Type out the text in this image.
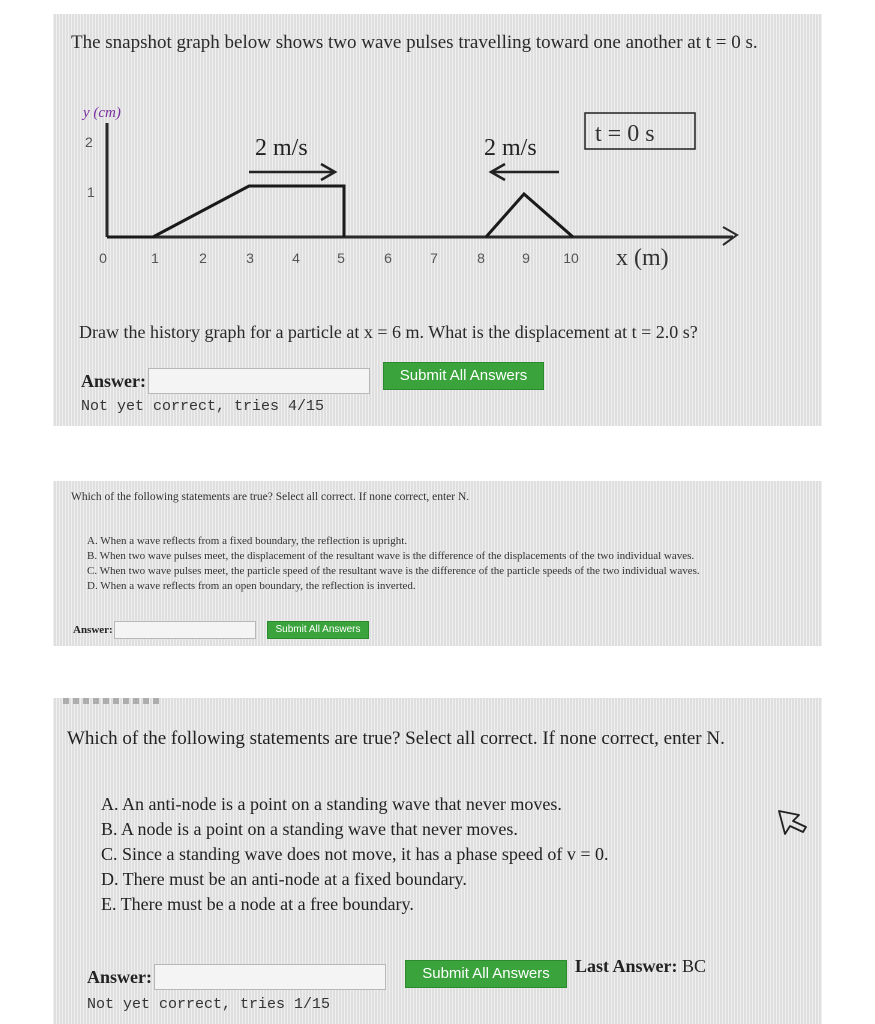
The snapshot graph below shows two wave pulses travelling toward one another at t = 0 s.
y (cm)
2
1
2 m/s	2 m/s
t = 0 s
0	1	2	3	4	5	6	7	8	9 10 x (m)
Draw the history graph for a particle at x = 6 m. What is the displacement at t = 2.0 s?
Answer:	Submit All Answers
Not yet correct, tries 4/15
Which of the following statements are true? Select all correct. If none correct, enter N.
A. When a wave reflects from a fixed boundary, the reflection is upright.
B. When two wave pulses meet, the displacement of the resultant wave is the difference of the displacements of the two individual waves.
C. When two wave pulses meet, the particle speed of the resultant wave is the difference of the particle speeds of the two individual waves.
D. When a wave reflects from an open boundary, the reflection is inverted.
Answer:	Submit All Answers
Which of the following statements are true? Select all correct. If none correct, enter N.
A. An anti-node is a point on a standing wave that never moves.
B. A node is a point on a standing wave that never moves.
C. Since a standing wave does not move, it has a phase speed of v = 0.
D. There must be an anti-node at a fixed boundary.
E. There must be a node at a free boundary.
Answer:	Submit All Answers	Last Answer: BC
Not yet correct, tries 1/15
